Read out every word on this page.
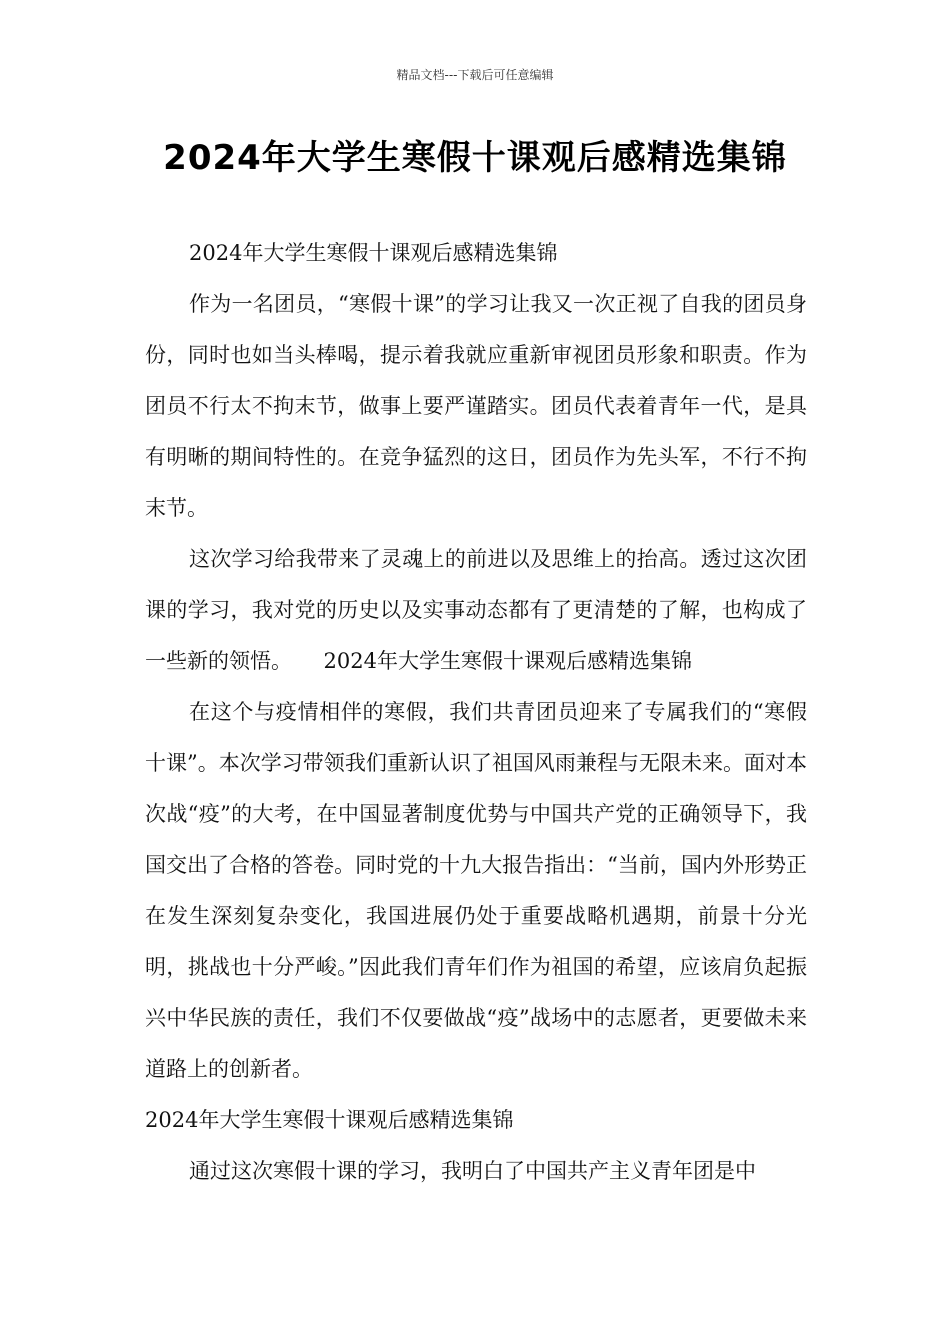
精品文档---下载后可任意编辑
2024年大学生寒假十课观后感精选集锦

2024年大学生寒假十课观后感精选集锦

作为一名团员，“寒假十课”的学习让我又一次正视了自我的团员身份，同时也如当头棒喝，提示着我就应重新审视团员形象和职责。作为团员不行太不拘末节，做事上要严谨踏实。团员代表着青年一代，是具有明晰的期间特性的。在竞争猛烈的这日，团员作为先头军，不行不拘末节。

这次学习给我带来了灵魂上的前进以及思维上的抬高。透过这次团课的学习，我对党的历史以及实事动态都有了更清楚的了解，也构成了一些新的领悟。　　2024年大学生寒假十课观后感精选集锦

在这个与疫情相伴的寒假，我们共青团员迎来了专属我们的“寒假十课”。本次学习带领我们重新认识了祖国风雨兼程与无限未来。面对本次战“疫”的大考，在中国显著制度优势与中国共产党的正确领导下，我国交出了合格的答卷。同时党的十九大报告指出：“当前，国内外形势正在发生深刻复杂变化，我国进展仍处于重要战略机遇期，前景十分光明，挑战也十分严峻。”因此我们青年们作为祖国的希望，应该肩负起振兴中华民族的责任，我们不仅要做战“疫”战场中的志愿者，更要做未来道路上的创新者。

2024年大学生寒假十课观后感精选集锦

通过这次寒假十课的学习，我明白了中国共产主义青年团是中
